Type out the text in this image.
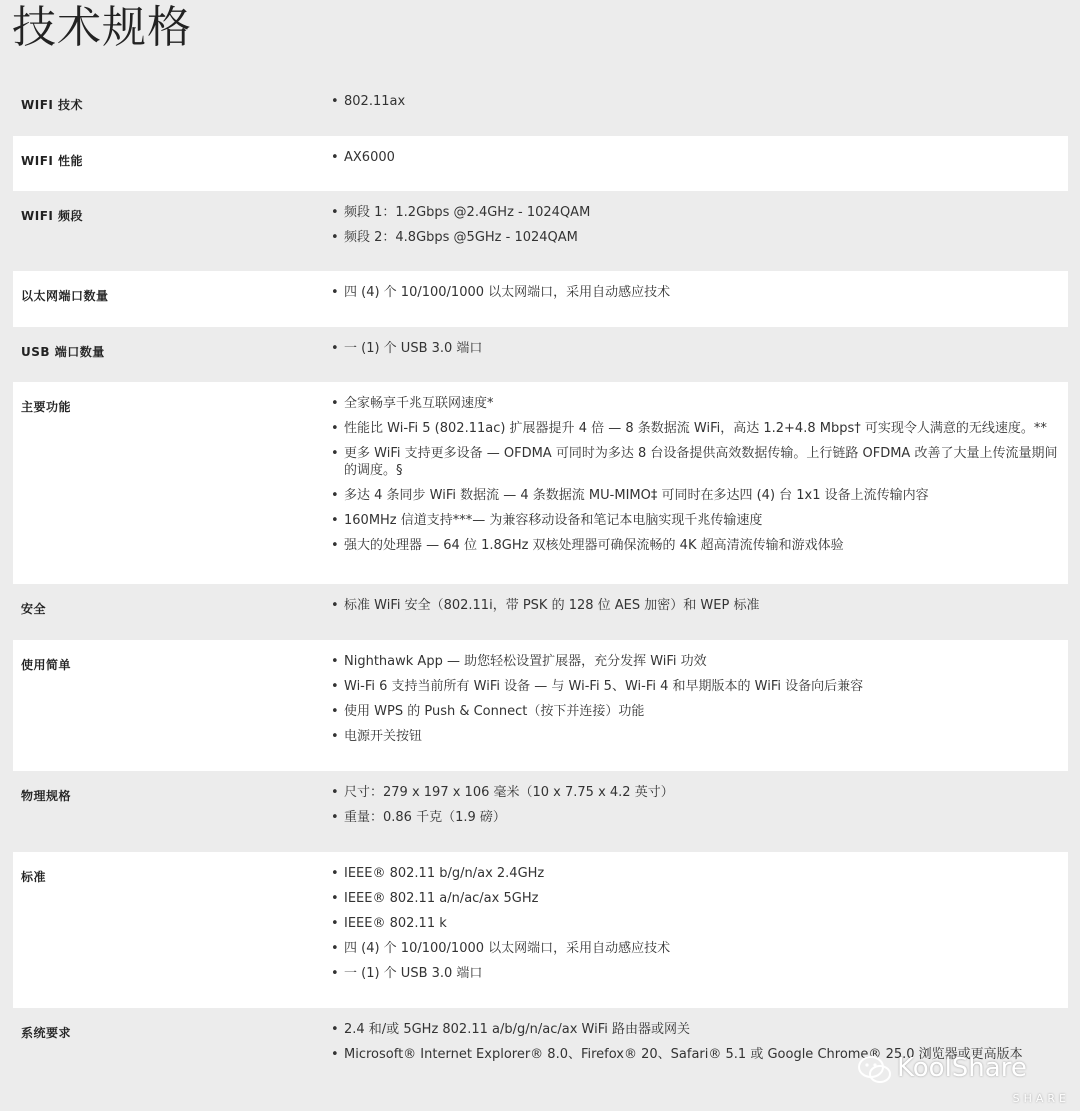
技术规格
WIFI 技术	• 802.11ax
WIFI 性能	• AX6000
WIFI 频段	• 频段 1：1.2Gbps @2.4GHz - 1024QAM
• 频段 2：4.8Gbps @5GHz - 1024QAM
以太网端口数量	• 四 (4) 个 10/100/1000 以太网端口，采用自动感应技术
USB 端口数量	• 一 (1) 个 USB 3.0 端口
主要功能	• 全家畅享千兆互联网速度*
• 性能比 Wi-Fi 5 (802.11ac) 扩展器提升 4 倍 — 8 条数据流 WiFi，高达 1.2+4.8 Mbps† 可实现令人满意的无线速度。**
• 更多 WiFi 支持更多设备 — OFDMA 可同时为多达 8 台设备提供高效数据传输。上行链路 OFDMA 改善了大量上传流量期间的调度。§
• 多达 4 条同步 WiFi 数据流 — 4 条数据流 MU-MIMO‡ 可同时在多达四 (4) 台 1x1 设备上流传输内容
• 160MHz 信道支持***— 为兼容移动设备和笔记本电脑实现千兆传输速度
• 强大的处理器 — 64 位 1.8GHz 双核处理器可确保流畅的 4K 超高清流传输和游戏体验
安全	• 标准 WiFi 安全（802.11i，带 PSK 的 128 位 AES 加密）和 WEP 标准
使用简单	• Nighthawk App — 助您轻松设置扩展器，充分发挥 WiFi 功效
• Wi-Fi 6 支持当前所有 WiFi 设备 — 与 Wi-Fi 5、Wi-Fi 4 和早期版本的 WiFi 设备向后兼容
• 使用 WPS 的 Push & Connect（按下并连接）功能
• 电源开关按钮
物理规格	• 尺寸：279 x 197 x 106 毫米（10 x 7.75 x 4.2 英寸）
• 重量：0.86 千克（1.9 磅）
标准	• IEEE® 802.11 b/g/n/ax 2.4GHz
• IEEE® 802.11 a/n/ac/ax 5GHz
• IEEE® 802.11 k
• 四 (4) 个 10/100/1000 以太网端口，采用自动感应技术
• 一 (1) 个 USB 3.0 端口
系统要求	• 2.4 和/或 5GHz 802.11 a/b/g/n/ac/ax WiFi 路由器或网关
• Microsoft® Internet Explorer® 8.0、Firefox® 20、Safari® 5.1 或 Google Chrome® 25.0 浏览器或更高版本
KoolShare
SHARE
